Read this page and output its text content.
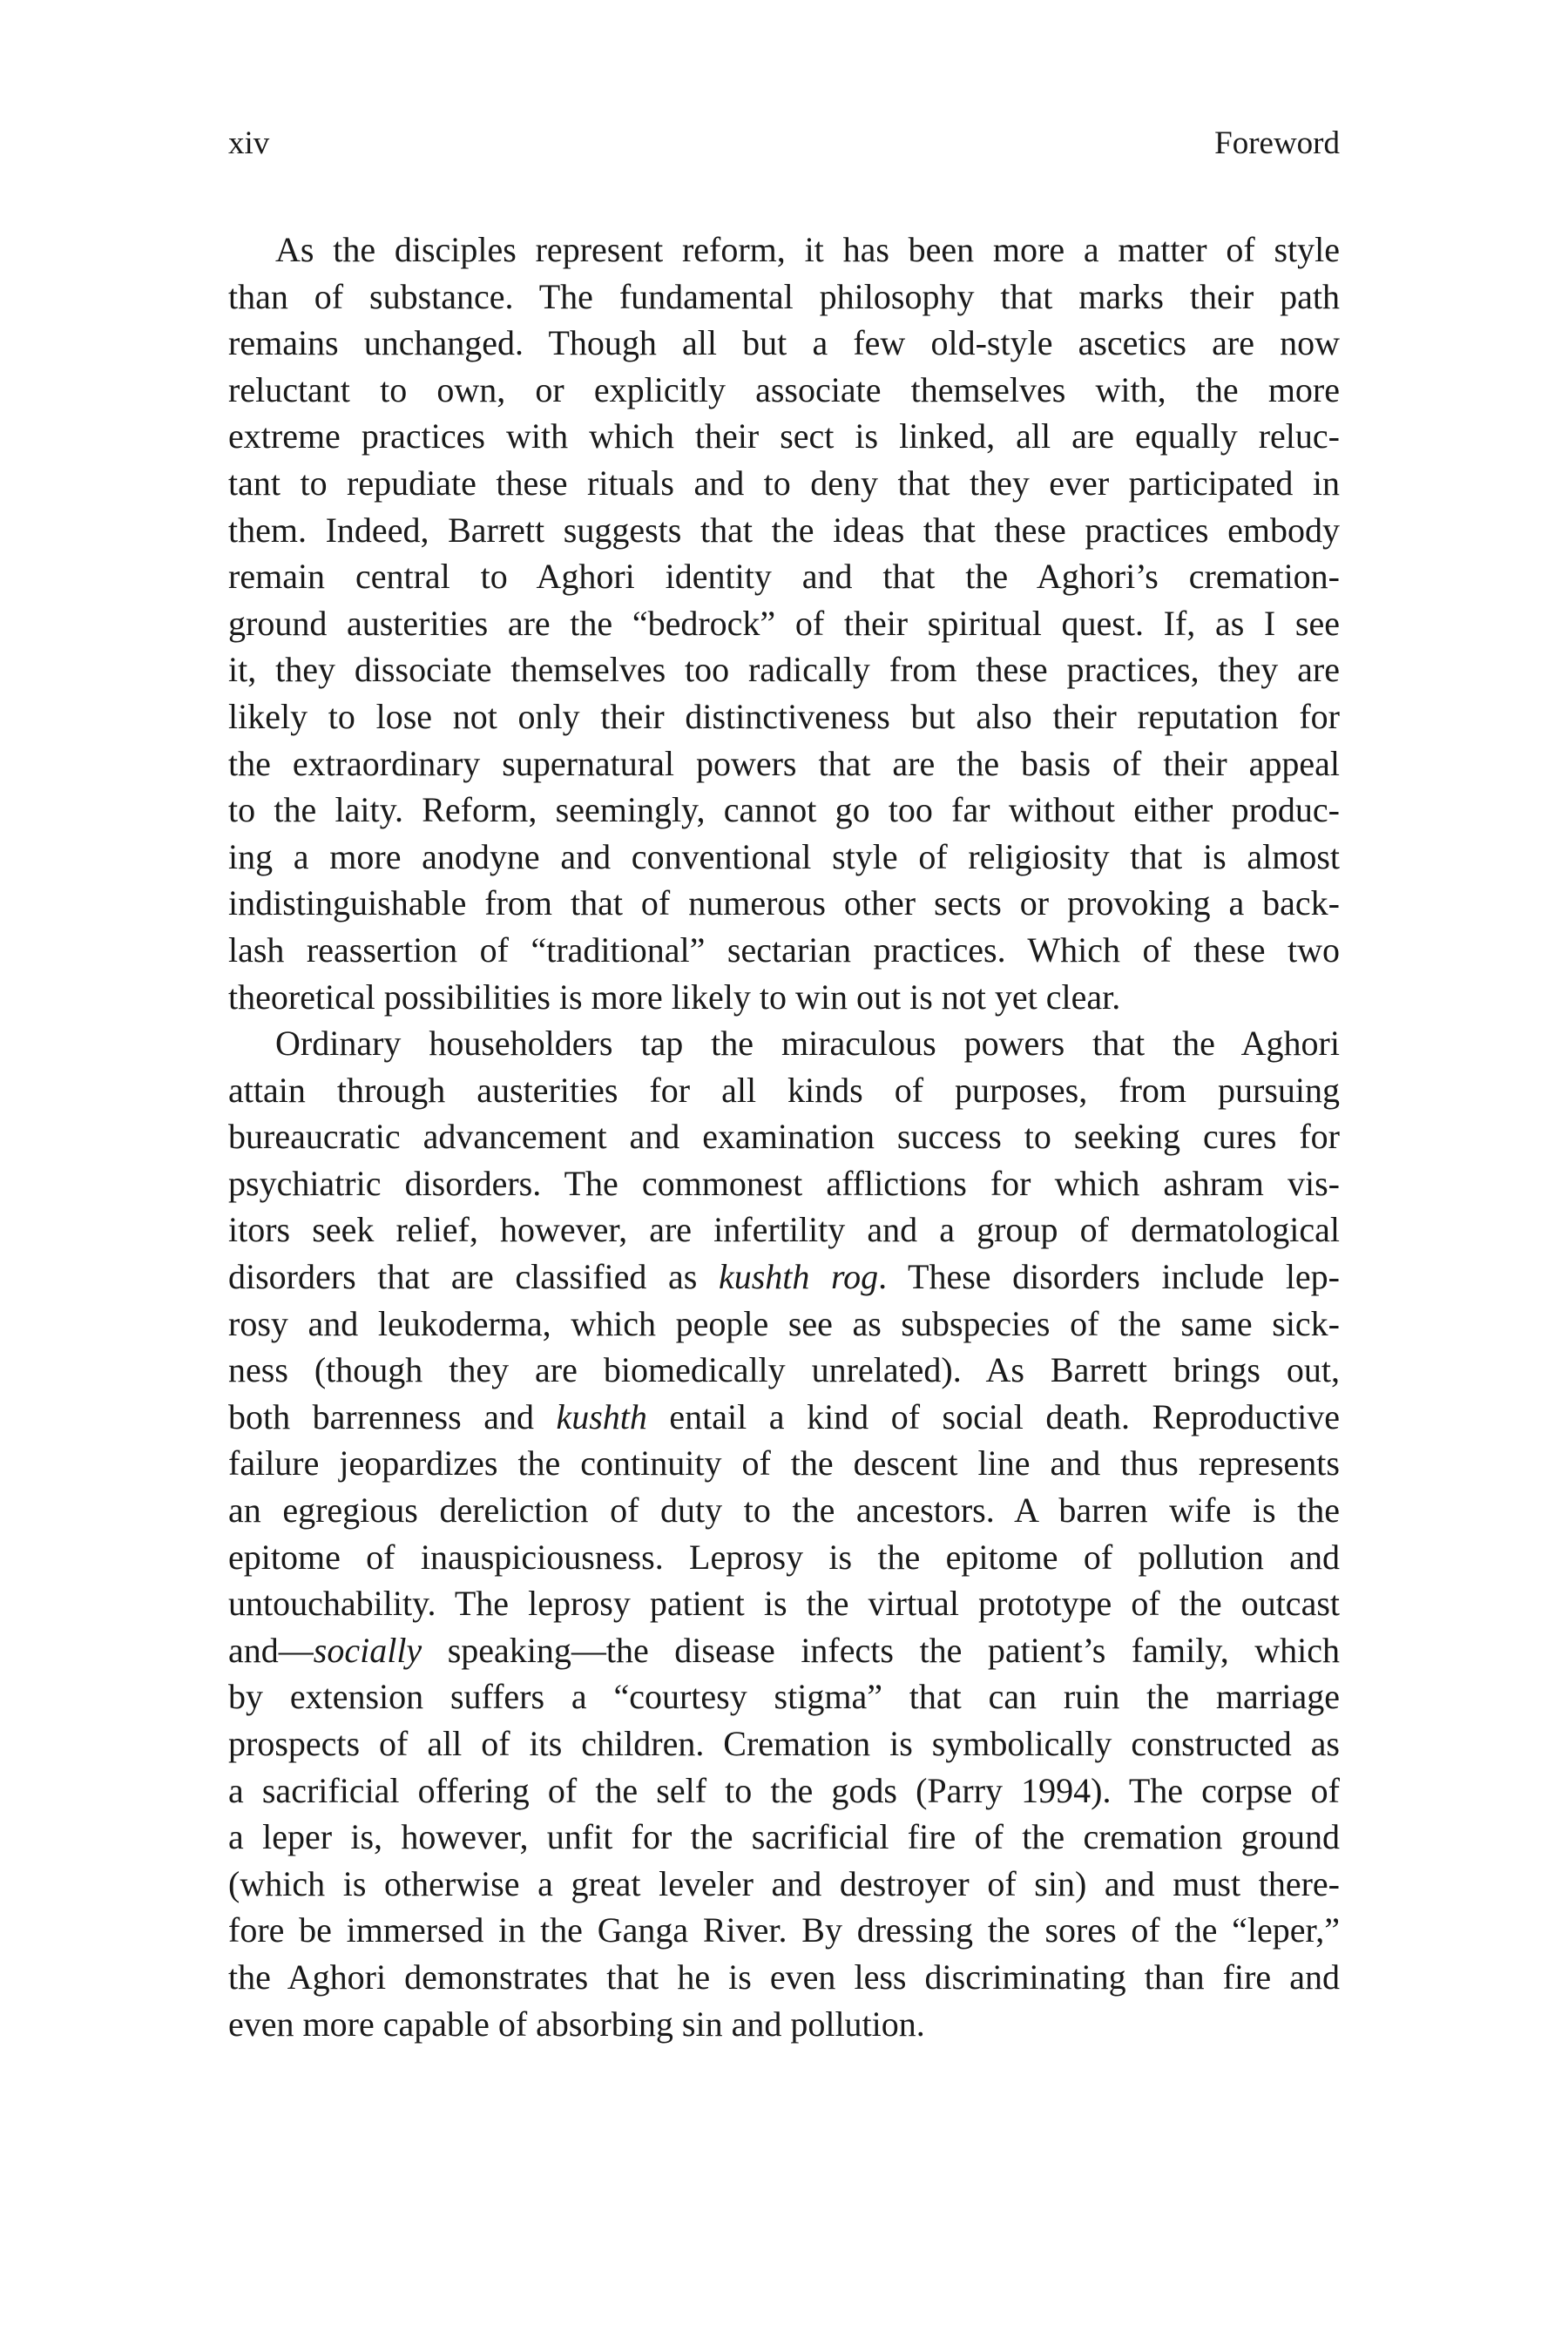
xiv	Foreword
As the disciples represent reform, it has been more a matter of style
than of substance. The fundamental philosophy that marks their path
remains unchanged. Though all but a few old-style ascetics are now
reluctant to own, or explicitly associate themselves with, the more
extreme practices with which their sect is linked, all are equally reluc-
tant to repudiate these rituals and to deny that they ever participated in
them. Indeed, Barrett suggests that the ideas that these practices embody
remain central to Aghori identity and that the Aghori’s cremation-
ground austerities are the “bedrock” of their spiritual quest. If, as I see
it, they dissociate themselves too radically from these practices, they are
likely to lose not only their distinctiveness but also their reputation for
the extraordinary supernatural powers that are the basis of their appeal
to the laity. Reform, seemingly, cannot go too far without either produc-
ing a more anodyne and conventional style of religiosity that is almost
indistinguishable from that of numerous other sects or provoking a back-
lash reassertion of “traditional” sectarian practices. Which of these two
theoretical possibilities is more likely to win out is not yet clear.
Ordinary householders tap the miraculous powers that the Aghori
attain through austerities for all kinds of purposes, from pursuing
bureaucratic advancement and examination success to seeking cures for
psychiatric disorders. The commonest afflictions for which ashram vis-
itors seek relief, however, are infertility and a group of dermatological
disorders that are classified as kushth rog. These disorders include lep-
rosy and leukoderma, which people see as subspecies of the same sick-
ness (though they are biomedically unrelated). As Barrett brings out,
both barrenness and kushth entail a kind of social death. Reproductive
failure jeopardizes the continuity of the descent line and thus represents
an egregious dereliction of duty to the ancestors. A barren wife is the
epitome of inauspiciousness. Leprosy is the epitome of pollution and
untouchability. The leprosy patient is the virtual prototype of the outcast
and—socially speaking—the disease infects the patient’s family, which
by extension suffers a “courtesy stigma” that can ruin the marriage
prospects of all of its children. Cremation is symbolically constructed as
a sacrificial offering of the self to the gods (Parry 1994). The corpse of
a leper is, however, unfit for the sacrificial fire of the cremation ground
(which is otherwise a great leveler and destroyer of sin) and must there-
fore be immersed in the Ganga River. By dressing the sores of the “leper,”
the Aghori demonstrates that he is even less discriminating than fire and
even more capable of absorbing sin and pollution.
